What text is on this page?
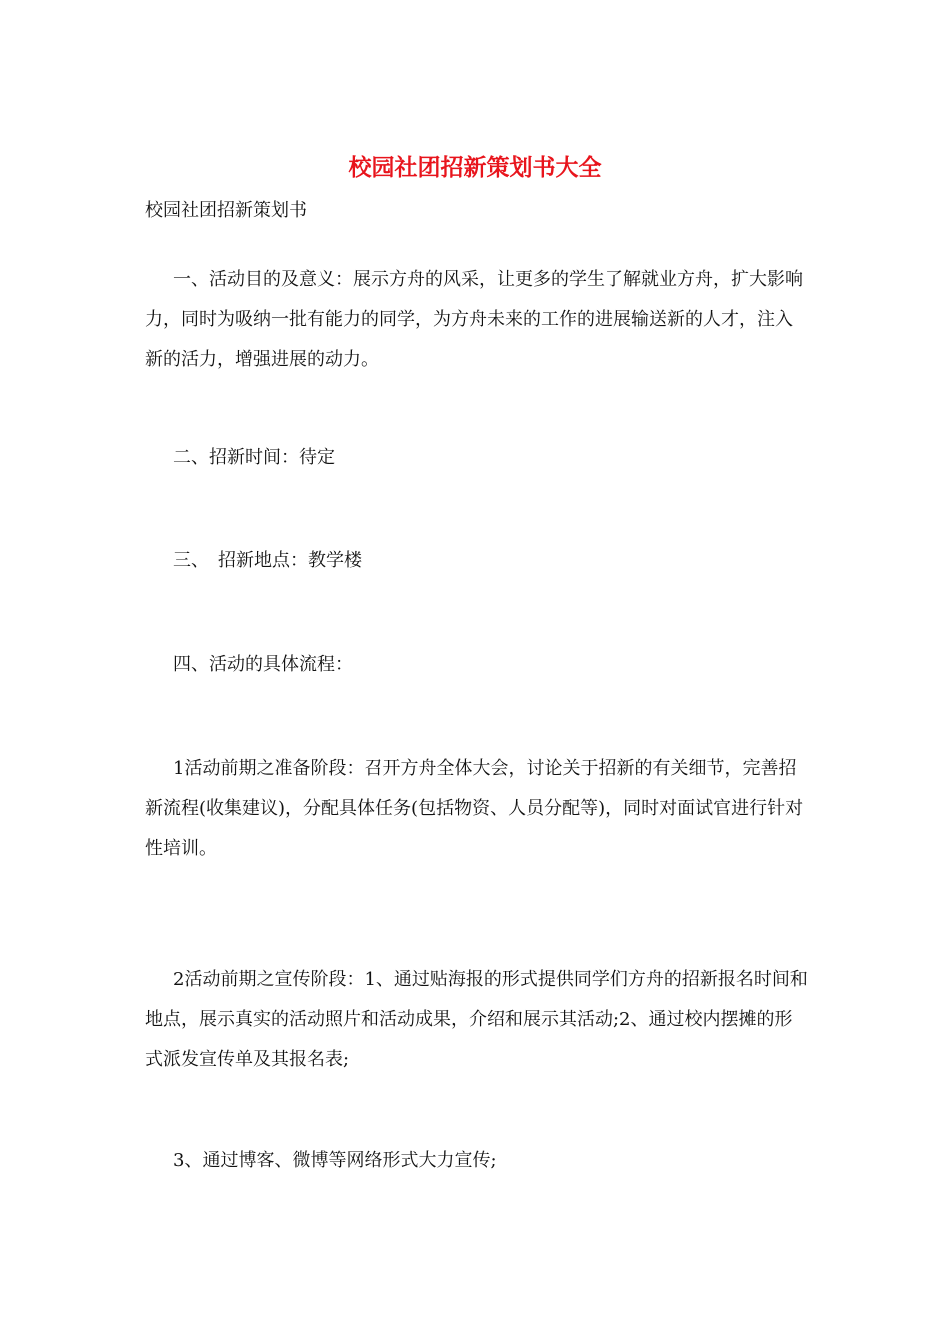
校园社团招新策划书大全
校园社团招新策划书
一、活动目的及意义：展示方舟的风采，让更多的学生了解就业方舟，扩大影响力，同时为吸纳一批有能力的同学，为方舟未来的工作的进展输送新的人才，注入新的活力，增强进展的动力。
二、招新时间：待定
三、　招新地点：教学楼
四、活动的具体流程：
1活动前期之准备阶段：召开方舟全体大会，讨论关于招新的有关细节，完善招新流程(收集建议)，分配具体任务(包括物资、人员分配等)，同时对面试官进行针对性培训。
2活动前期之宣传阶段：1、通过贴海报的形式提供同学们方舟的招新报名时间和地点，展示真实的活动照片和活动成果，介绍和展示其活动;2、通过校内摆摊的形式派发宣传单及其报名表;
3、通过博客、微博等网络形式大力宣传;
